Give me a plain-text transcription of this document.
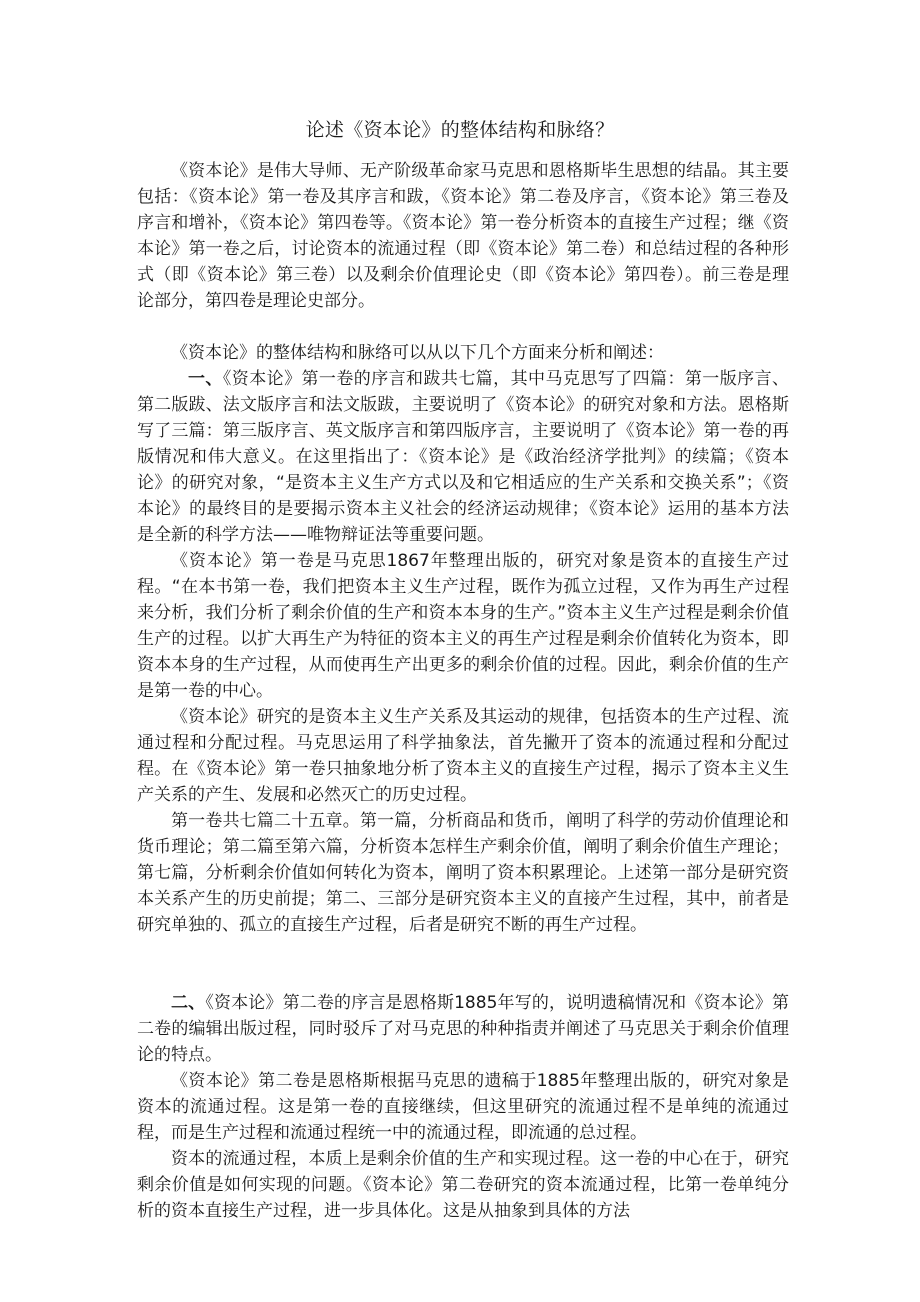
论述《资本论》的整体结构和脉络？

《资本论》是伟大导师、无产阶级革命家马克思和恩格斯毕生思想的结晶。其主要包括：《资本论》第一卷及其序言和跋，《资本论》第二卷及序言，《资本论》第三卷及序言和增补，《资本论》第四卷等。《资本论》第一卷分析资本的直接生产过程；继《资本论》第一卷之后，讨论资本的流通过程（即《资本论》第二卷）和总结过程的各种形式（即《资本论》第三卷）以及剩余价值理论史（即《资本论》第四卷）。前三卷是理论部分，第四卷是理论史部分。

《资本论》的整体结构和脉络可以从以下几个方面来分析和阐述：

一、《资本论》第一卷的序言和跋共七篇，其中马克思写了四篇：第一版序言、第二版跋、法文版序言和法文版跋，主要说明了《资本论》的研究对象和方法。恩格斯写了三篇：第三版序言、英文版序言和第四版序言，主要说明了《资本论》第一卷的再版情况和伟大意义。在这里指出了：《资本论》是《政治经济学批判》的续篇；《资本论》的研究对象，“是资本主义生产方式以及和它相适应的生产关系和交换关系”；《资本论》的最终目的是要揭示资本主义社会的经济运动规律；《资本论》运用的基本方法是全新的科学方法——唯物辩证法等重要问题。

《资本论》第一卷是马克思1867年整理出版的，研究对象是资本的直接生产过程。“在本书第一卷，我们把资本主义生产过程，既作为孤立过程，又作为再生产过程来分析，我们分析了剩余价值的生产和资本本身的生产。”资本主义生产过程是剩余价值生产的过程。以扩大再生产为特征的资本主义的再生产过程是剩余价值转化为资本，即资本本身的生产过程，从而使再生产出更多的剩余价值的过程。因此，剩余价值的生产是第一卷的中心。

《资本论》研究的是资本主义生产关系及其运动的规律，包括资本的生产过程、流通过程和分配过程。马克思运用了科学抽象法，首先撇开了资本的流通过程和分配过程。在《资本论》第一卷只抽象地分析了资本主义的直接生产过程，揭示了资本主义生产关系的产生、发展和必然灭亡的历史过程。

第一卷共七篇二十五章。第一篇，分析商品和货币，阐明了科学的劳动价值理论和货币理论；第二篇至第六篇，分析资本怎样生产剩余价值，阐明了剩余价值生产理论；第七篇，分析剩余价值如何转化为资本，阐明了资本积累理论。上述第一部分是研究资本关系产生的历史前提；第二、三部分是研究资本主义的直接产生过程，其中，前者是研究单独的、孤立的直接生产过程，后者是研究不断的再生产过程。

二、《资本论》第二卷的序言是恩格斯1885年写的，说明遗稿情况和《资本论》第二卷的编辑出版过程，同时驳斥了对马克思的种种指责并阐述了马克思关于剩余价值理论的特点。

《资本论》第二卷是恩格斯根据马克思的遗稿于1885年整理出版的，研究对象是资本的流通过程。这是第一卷的直接继续，但这里研究的流通过程不是单纯的流通过程，而是生产过程和流通过程统一中的流通过程，即流通的总过程。

资本的流通过程，本质上是剩余价值的生产和实现过程。这一卷的中心在于，研究剩余价值是如何实现的问题。《资本论》第二卷研究的资本流通过程，比第一卷单纯分析的资本直接生产过程，进一步具体化。这是从抽象到具体的方法
